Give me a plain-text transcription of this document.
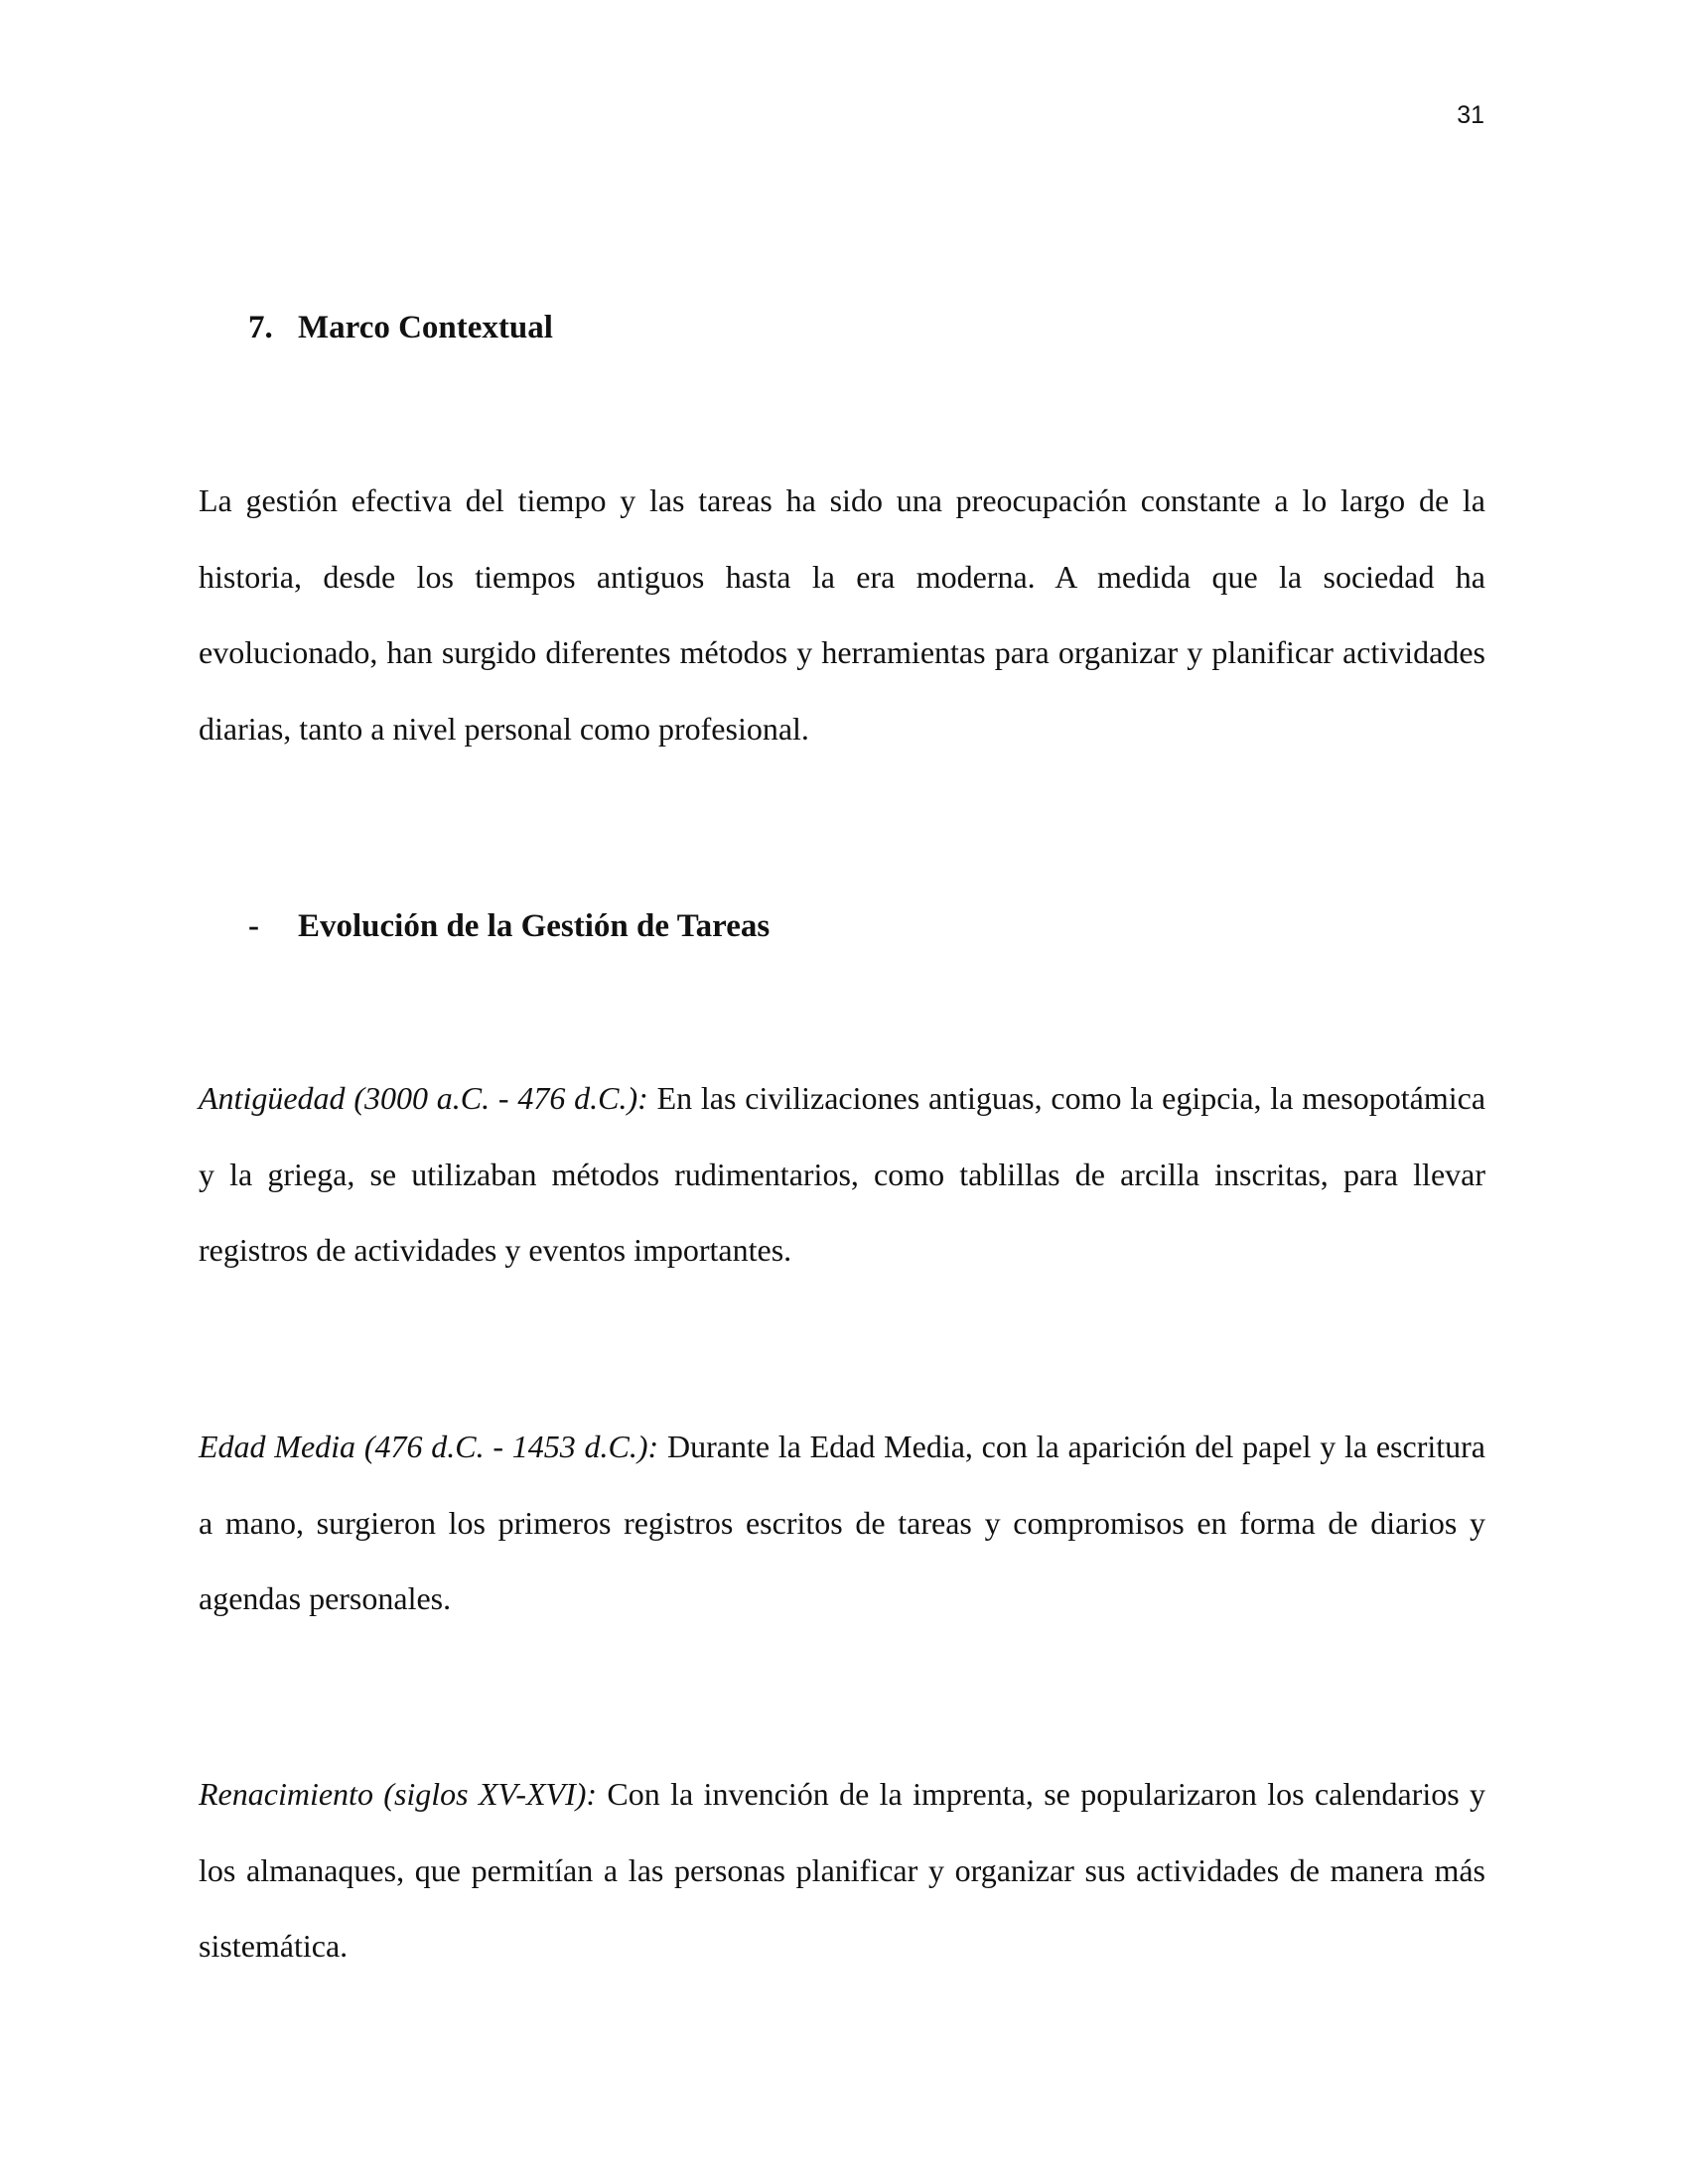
31
7. Marco Contextual

La gestión efectiva del tiempo y las tareas ha sido una preocupación constante a lo largo de la historia, desde los tiempos antiguos hasta la era moderna. A medida que la sociedad ha evolucionado, han surgido diferentes métodos y herramientas para organizar y planificar actividades diarias, tanto a nivel personal como profesional.

- Evolución de la Gestión de Tareas

Antigüedad (3000 a.C. - 476 d.C.): En las civilizaciones antiguas, como la egipcia, la mesopotámica y la griega, se utilizaban métodos rudimentarios, como tablillas de arcilla inscritas, para llevar registros de actividades y eventos importantes.

Edad Media (476 d.C. - 1453 d.C.): Durante la Edad Media, con la aparición del papel y la escritura a mano, surgieron los primeros registros escritos de tareas y compromisos en forma de diarios y agendas personales.

Renacimiento (siglos XV-XVI): Con la invención de la imprenta, se popularizaron los calendarios y los almanaques, que permitían a las personas planificar y organizar sus actividades de manera más sistemática.
